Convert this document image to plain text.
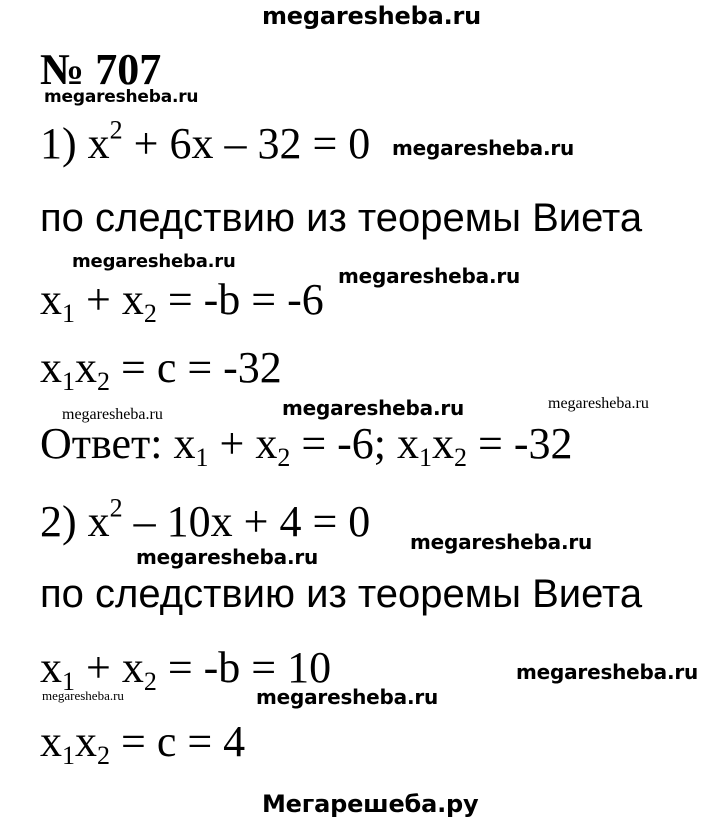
megaresheba.ru
№ 707
megaresheba.ru
megaresheba.ru
megaresheba.ru
megaresheba.ru
megaresheba.ru	megaresheba.ru	megaresheba.ru
megaresheba.ru
megaresheba.ru
megaresheba.ru
megaresheba.ru	megaresheba.ru
1) $x^2 + 6x - 32 = 0$
по следствию из теоремы Виета
$x_1 + x_2 = -b = -6$
$x_1x_2 = c = -32$
Ответ: $x_1 + x_2 = -6$; $x_1x_2 = -32$
2) $x^2 - 10x + 4 = 0$
по следствию из теоремы Виета
$x_1 + x_2 = -b = 10$
$x_1x_2 = c = 4$
Мегарешеба.ру
